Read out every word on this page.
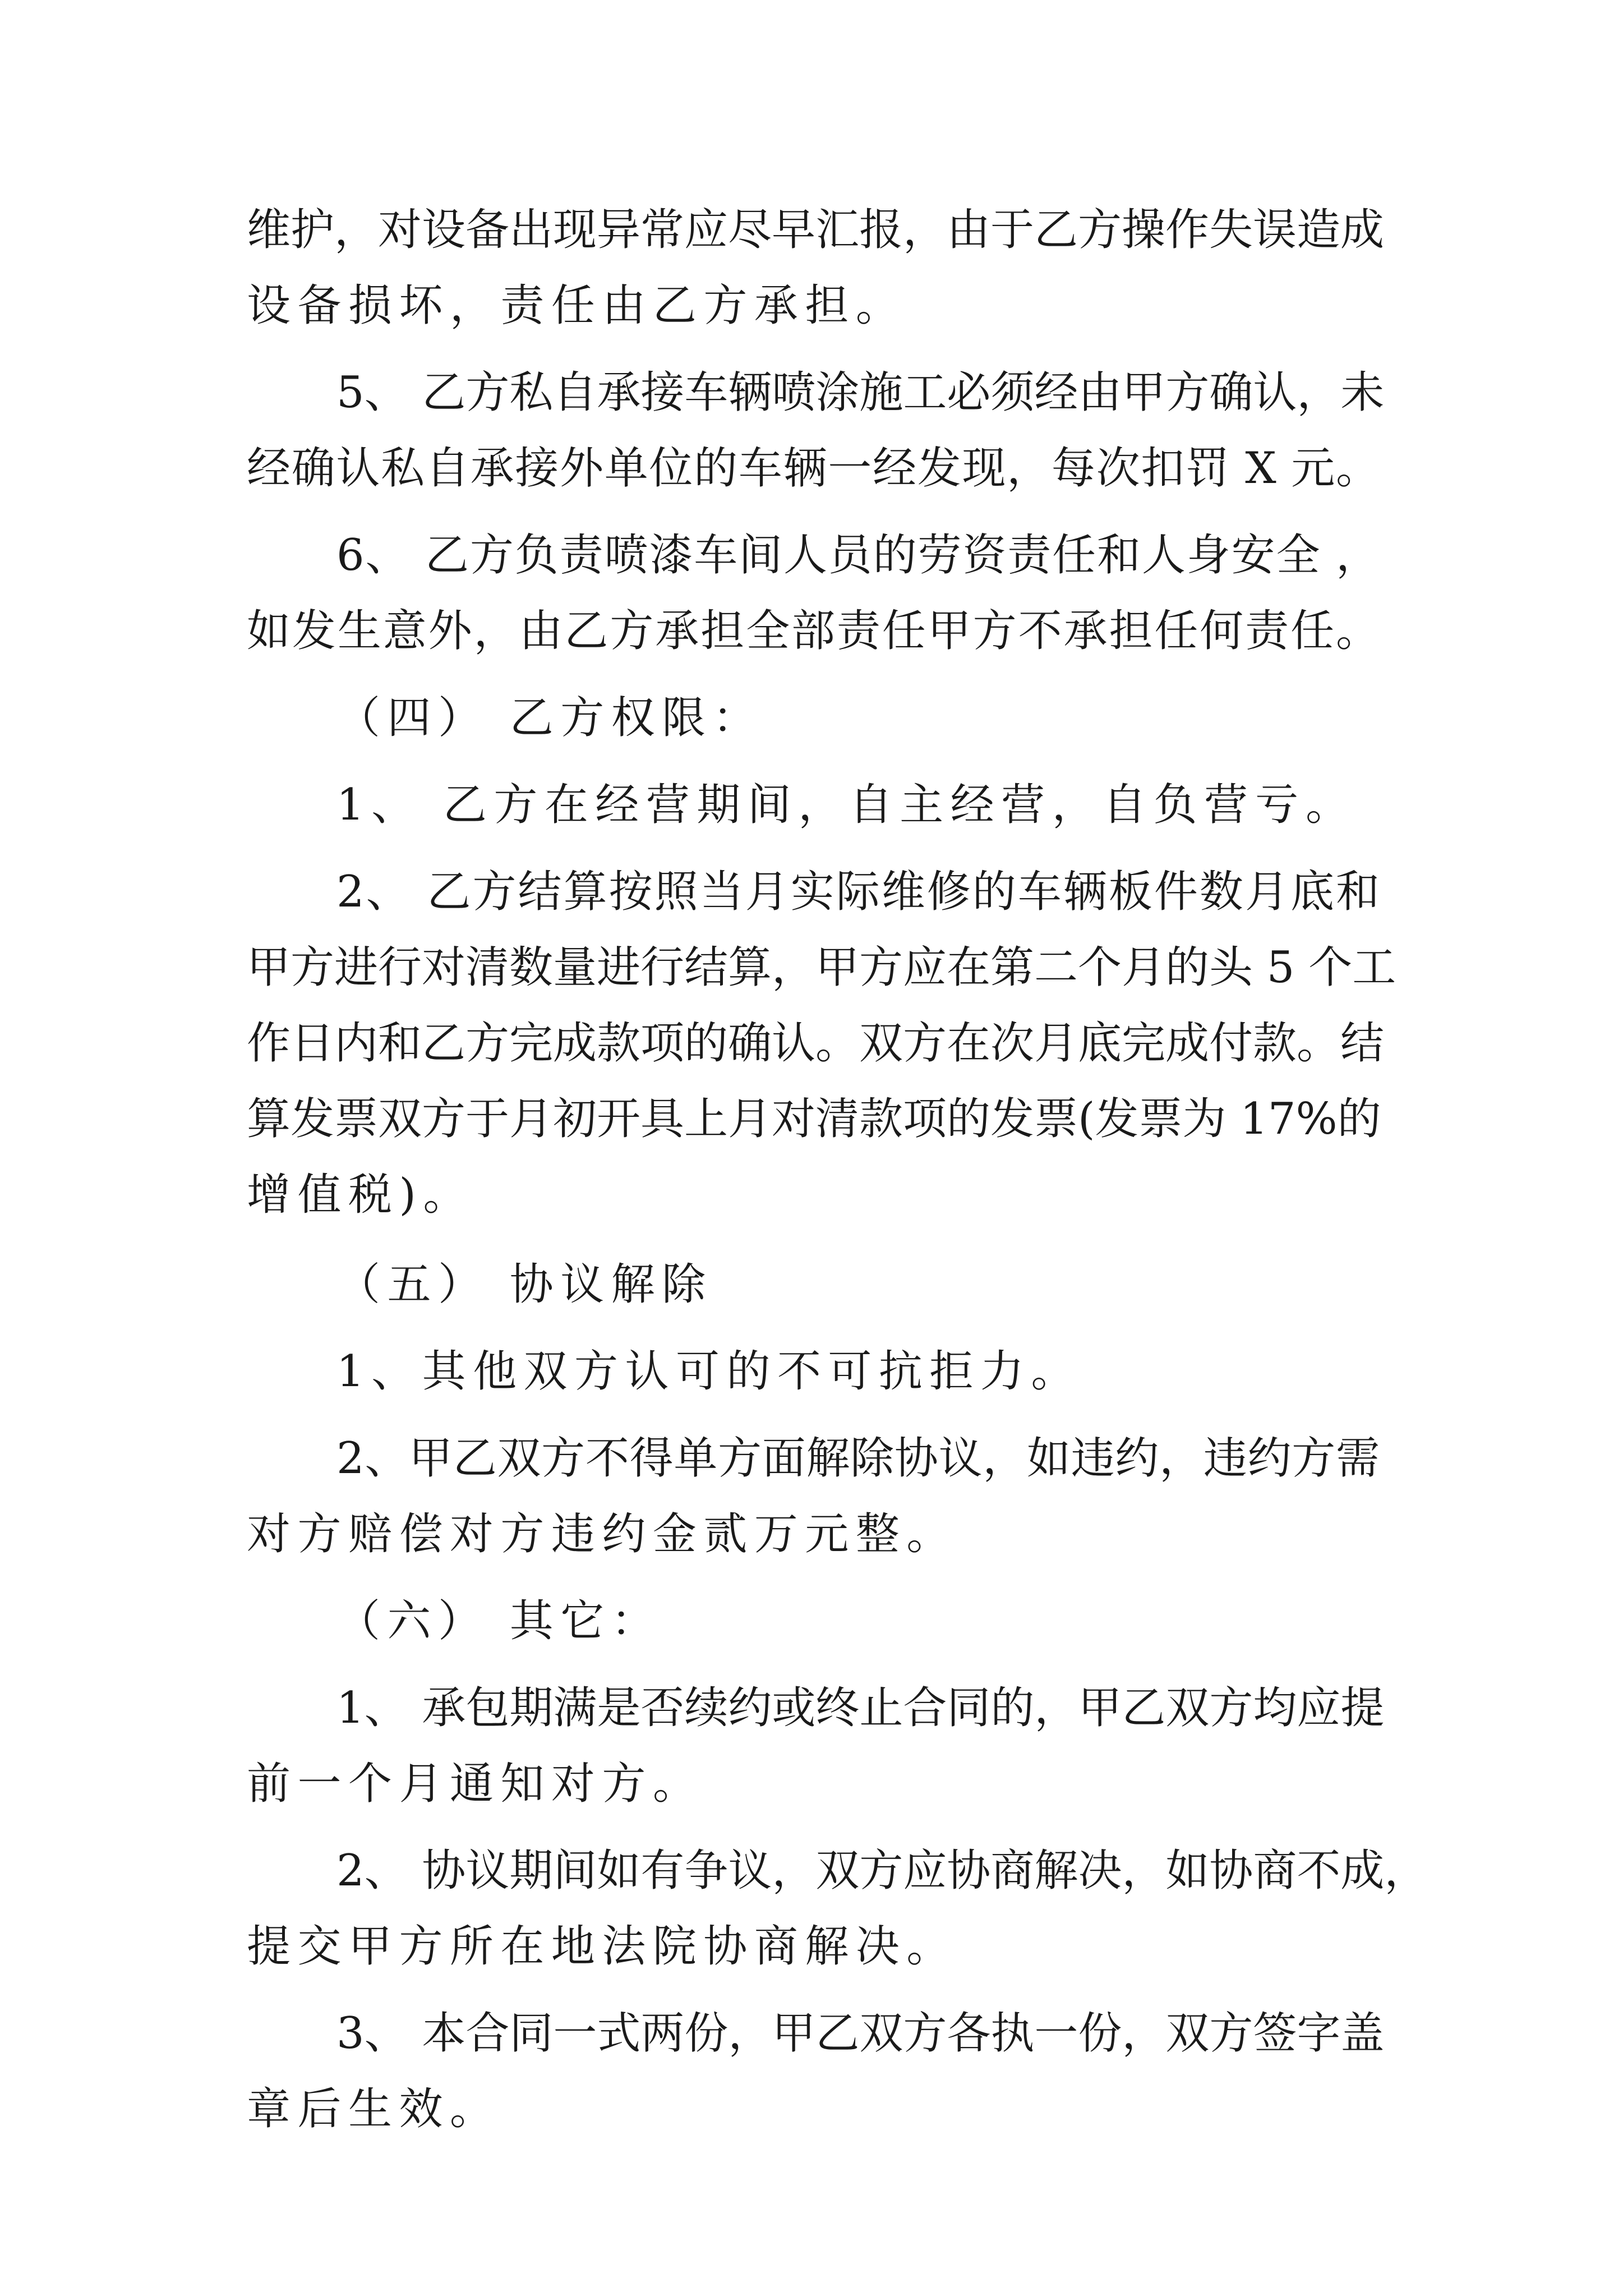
维护，对设备出现异常应尽早汇报，由于乙方操作失误造成
设备损坏，责任由乙方承担。
5、 乙方私自承接车辆喷涂施工必须经由甲方确认，未
经确认私自承接外单位的车辆一经发现，每次扣罚 X 元。
6、 乙方负责喷漆车间人员的劳资责任和人身安全 ，
如发生意外，由乙方承担全部责任甲方不承担任何责任。
（四） 乙方权限：
1、 乙方在经营期间，自主经营，自负营亏。
2、 乙方结算按照当月实际维修的车辆板件数月底和
甲方进行对清数量进行结算，甲方应在第二个月的头 5 个工
作日内和乙方完成款项的确认。双方在次月底完成付款。结
算发票双方于月初开具上月对清款项的发票(发票为 17%的
增值税)。
（五） 协议解除
1、其他双方认可的不可抗拒力。
2、甲乙双方不得单方面解除协议，如违约，违约方需
对方赔偿对方违约金贰万元整。
（六） 其它：
1、 承包期满是否续约或终止合同的，甲乙双方均应提
前一个月通知对方。
2、 协议期间如有争议，双方应协商解决，如协商不成，
提交甲方所在地法院协商解决。
3、 本合同一式两份，甲乙双方各执一份，双方签字盖
章后生效。
